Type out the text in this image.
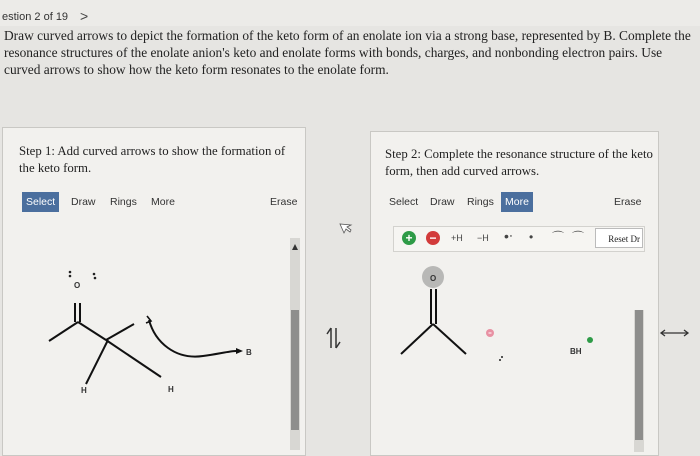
estion 2 of 19 >
Draw curved arrows to depict the formation of the keto form of an enolate ion via a strong base, represented by B. Complete the resonance structures of the enolate anion's keto and enolate forms with bonds, charges, and nonbonding electron pairs. Use curved arrows to show how the keto form resonates to the enolate form.
Step 1: Add curved arrows to show the formation of the keto form.
Select	Draw	Rings	More	Erase
O
H	H
B
Step 2: Complete the resonance structure of the keto form, then add curved arrows.
Select	Draw	Rings	More	Erase
+ −	+H −H •ᐧ • ⌒ ⌒	Reset Dr
O
BH
